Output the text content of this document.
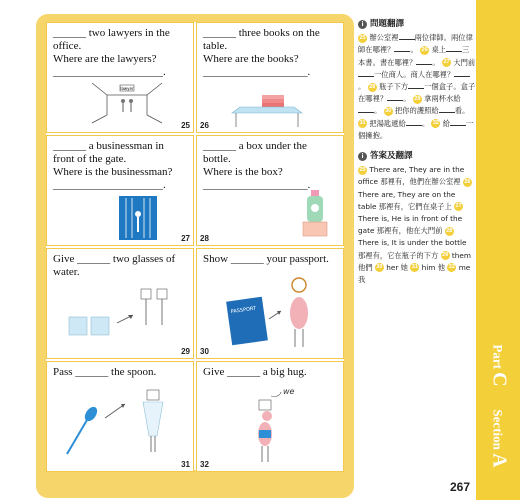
Part C
Section A
267
______ two lawyers in the
office.
Where are the lawyers?
____________________.
lawyer
25
______ three books on the
table.
Where are the books?
___________________.
26
______ a businessman in
front of the gate.
Where is the businessman?
____________________.
27
______ a box under the
bottle.
Where is the box?
___________________.
28
Give ______ two glasses of
water.
29
Show ______ your passport.
PASSPORT
30
Pass ______ the spoon.
31
Give ______ a big hug.
we
32
i 問題翻譯
25 辦公室裡 兩位律師。兩位律師在哪裡？ 。 26 桌上 三本書。書在哪裡？ 。 27 大門前一位商人。商人在哪裡？。 28 瓶子下方 一個盒子。盒子在哪裡？ 。 29 拿兩杯水給。 30 把你的護照給 看。 31 把湯匙遞給 。 32 給 一個擁抱。
i 答案及翻譯
25 There are, They are in the office 那裡有，他們在辦公室裡 26 There are, They are on the table 那裡有，它們在桌子上 27 There is, He is in front of the gate 那裡有，他在大門前 28 There is, It is under the bottle 那裡有，它在瓶子的下方 29 them 他們 30 her 她 31 him 他 32 me 我
